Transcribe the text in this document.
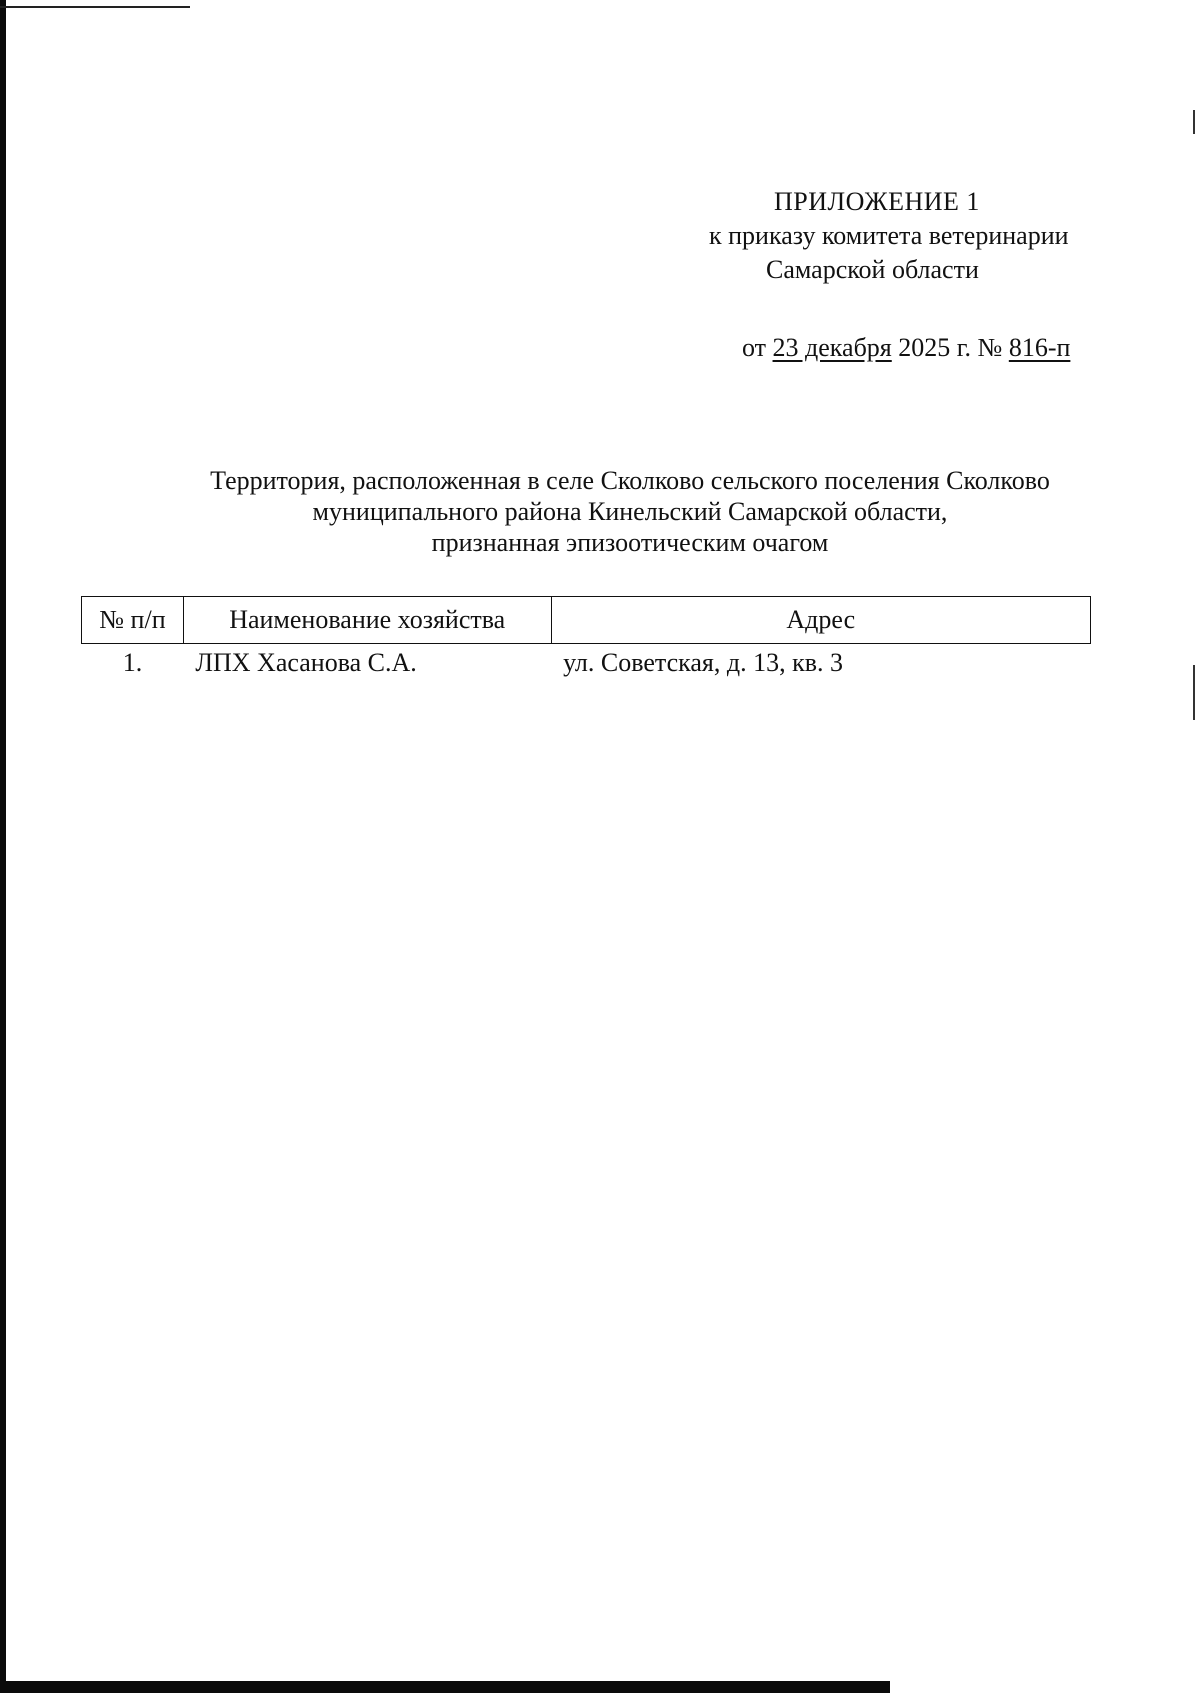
ПРИЛОЖЕНИЕ 1
к приказу комитета ветеринарии
Самарской области
от 23 декабря 2025 г. № 816-п
Территория, расположенная в селе Сколково сельского поселения Сколково
муниципального района Кинельский Самарской области,
признанная эпизоотическим очагом
№ п/п	Наименование хозяйства	Адрес
1.	ЛПХ Хасанова С.А.	ул. Советская, д. 13, кв. 3
